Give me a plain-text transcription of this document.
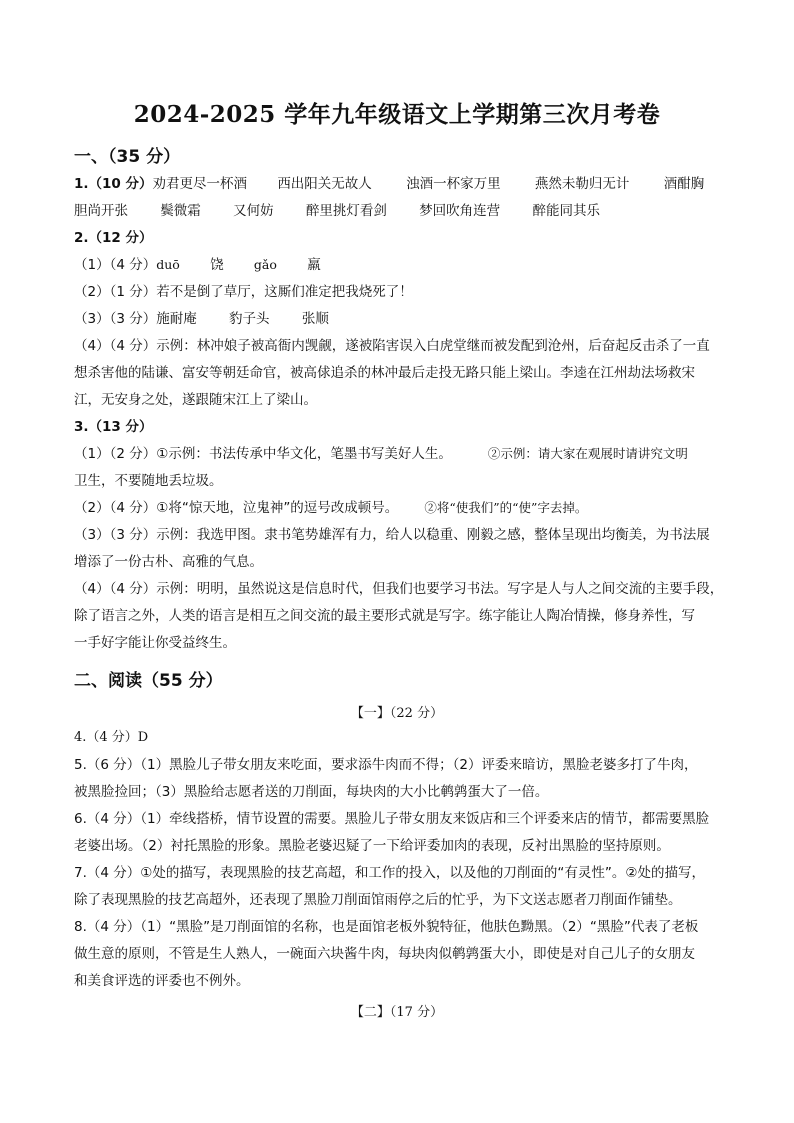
2024-2025 学年九年级语文上学期第三次月考卷
一、（35 分）
1.（10 分）劝君更尽一杯酒 西出阳关无故人	浊酒一杯家万里	燕然未勒归无计	酒酣胸
胆尚开张 鬓微霜 又何妨 醉里挑灯看剑 梦回吹角连营 醉能同其乐
2.（12 分）
（1）（4 分）duō 饶 gǎo 羸
（2）（1 分）若不是倒了草厅，这厮们准定把我烧死了！
（3）（3 分）施耐庵 豹子头 张顺
（4）（4 分）示例：林冲娘子被高衙内觊觎，遂被陷害误入白虎堂继而被发配到沧州，后奋起反击杀了一直
想杀害他的陆谦、富安等朝廷命官，被高俅追杀的林冲最后走投无路只能上梁山。李逵在江州劫法场救宋
江，无安身之处，遂跟随宋江上了梁山。
3.（13 分）
（1）（2 分）①示例：书法传承中华文化，笔墨书写美好人生。	②示例：请大家在观展时请讲究文明
卫生，不要随地丢垃圾。
（2）（4 分）①将“惊天地，泣鬼神”的逗号改成顿号。 ②将“使我们”的“使”字去掉。
（3）（3 分）示例：我选甲图。隶书笔势雄浑有力，给人以稳重、刚毅之感，整体呈现出均衡美，为书法展
增添了一份古朴、高雅的气息。
（4）（4 分）示例：明明，虽然说这是信息时代，但我们也要学习书法。写字是人与人之间交流的主要手段，
除了语言之外，人类的语言是相互之间交流的最主要形式就是写字。练字能让人陶冶情操，修身养性，写
一手好字能让你受益终生。
二、阅读（55 分）
【一】（22 分）
4.（4 分）D
5.（6 分）（1）黑脸儿子带女朋友来吃面，要求添牛肉而不得；（2）评委来暗访，黑脸老婆多打了牛肉，
被黑脸捡回；（3）黑脸给志愿者送的刀削面，每块肉的大小比鹌鹑蛋大了一倍。
6.（4 分）（1）牵线搭桥，情节设置的需要。黑脸儿子带女朋友来饭店和三个评委来店的情节，都需要黑脸
老婆出场。（2）衬托黑脸的形象。黑脸老婆迟疑了一下给评委加肉的表现，反衬出黑脸的坚持原则。
7.（4 分）①处的描写，表现黑脸的技艺高超，和工作的投入，以及他的刀削面的“有灵性”。②处的描写，
除了表现黑脸的技艺高超外，还表现了黑脸刀削面馆雨停之后的忙乎，为下文送志愿者刀削面作铺垫。
8.（4 分）（1）“黑脸”是刀削面馆的名称，也是面馆老板外貌特征，他肤色黝黑。（2）“黑脸”代表了老板
做生意的原则，不管是生人熟人，一碗面六块酱牛肉，每块肉似鹌鹑蛋大小，即使是对自己儿子的女朋友
和美食评选的评委也不例外。
【二】（17 分）
